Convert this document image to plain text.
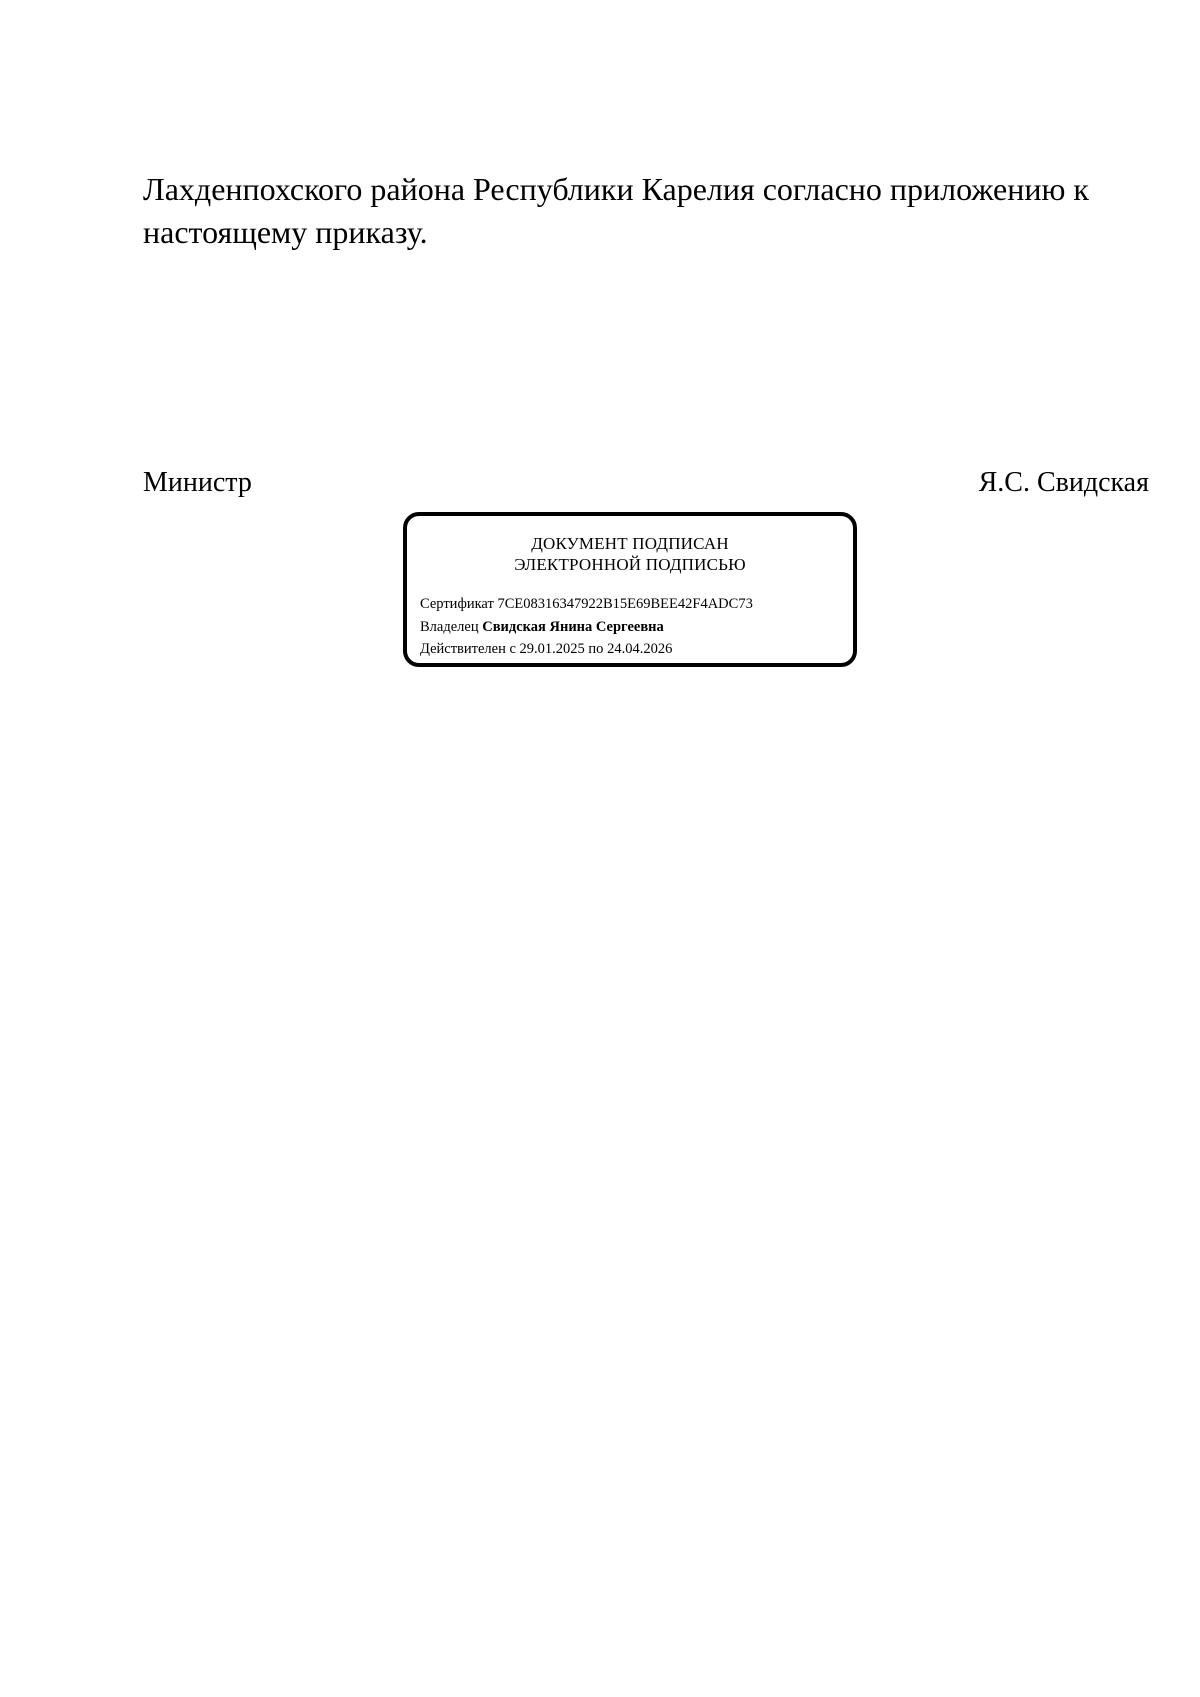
Лахденпохского района Республики Карелия согласно приложению к
настоящему приказу.

Министр	Я.С. Свидская
ДОКУМЕНТ ПОДПИСАН
ЭЛЕКТРОННОЙ ПОДПИСЬЮ
Сертификат 7CE08316347922B15E69BEE42F4ADC73
Владелец Свидская Янина Сергеевна
Действителен с 29.01.2025 по 24.04.2026
